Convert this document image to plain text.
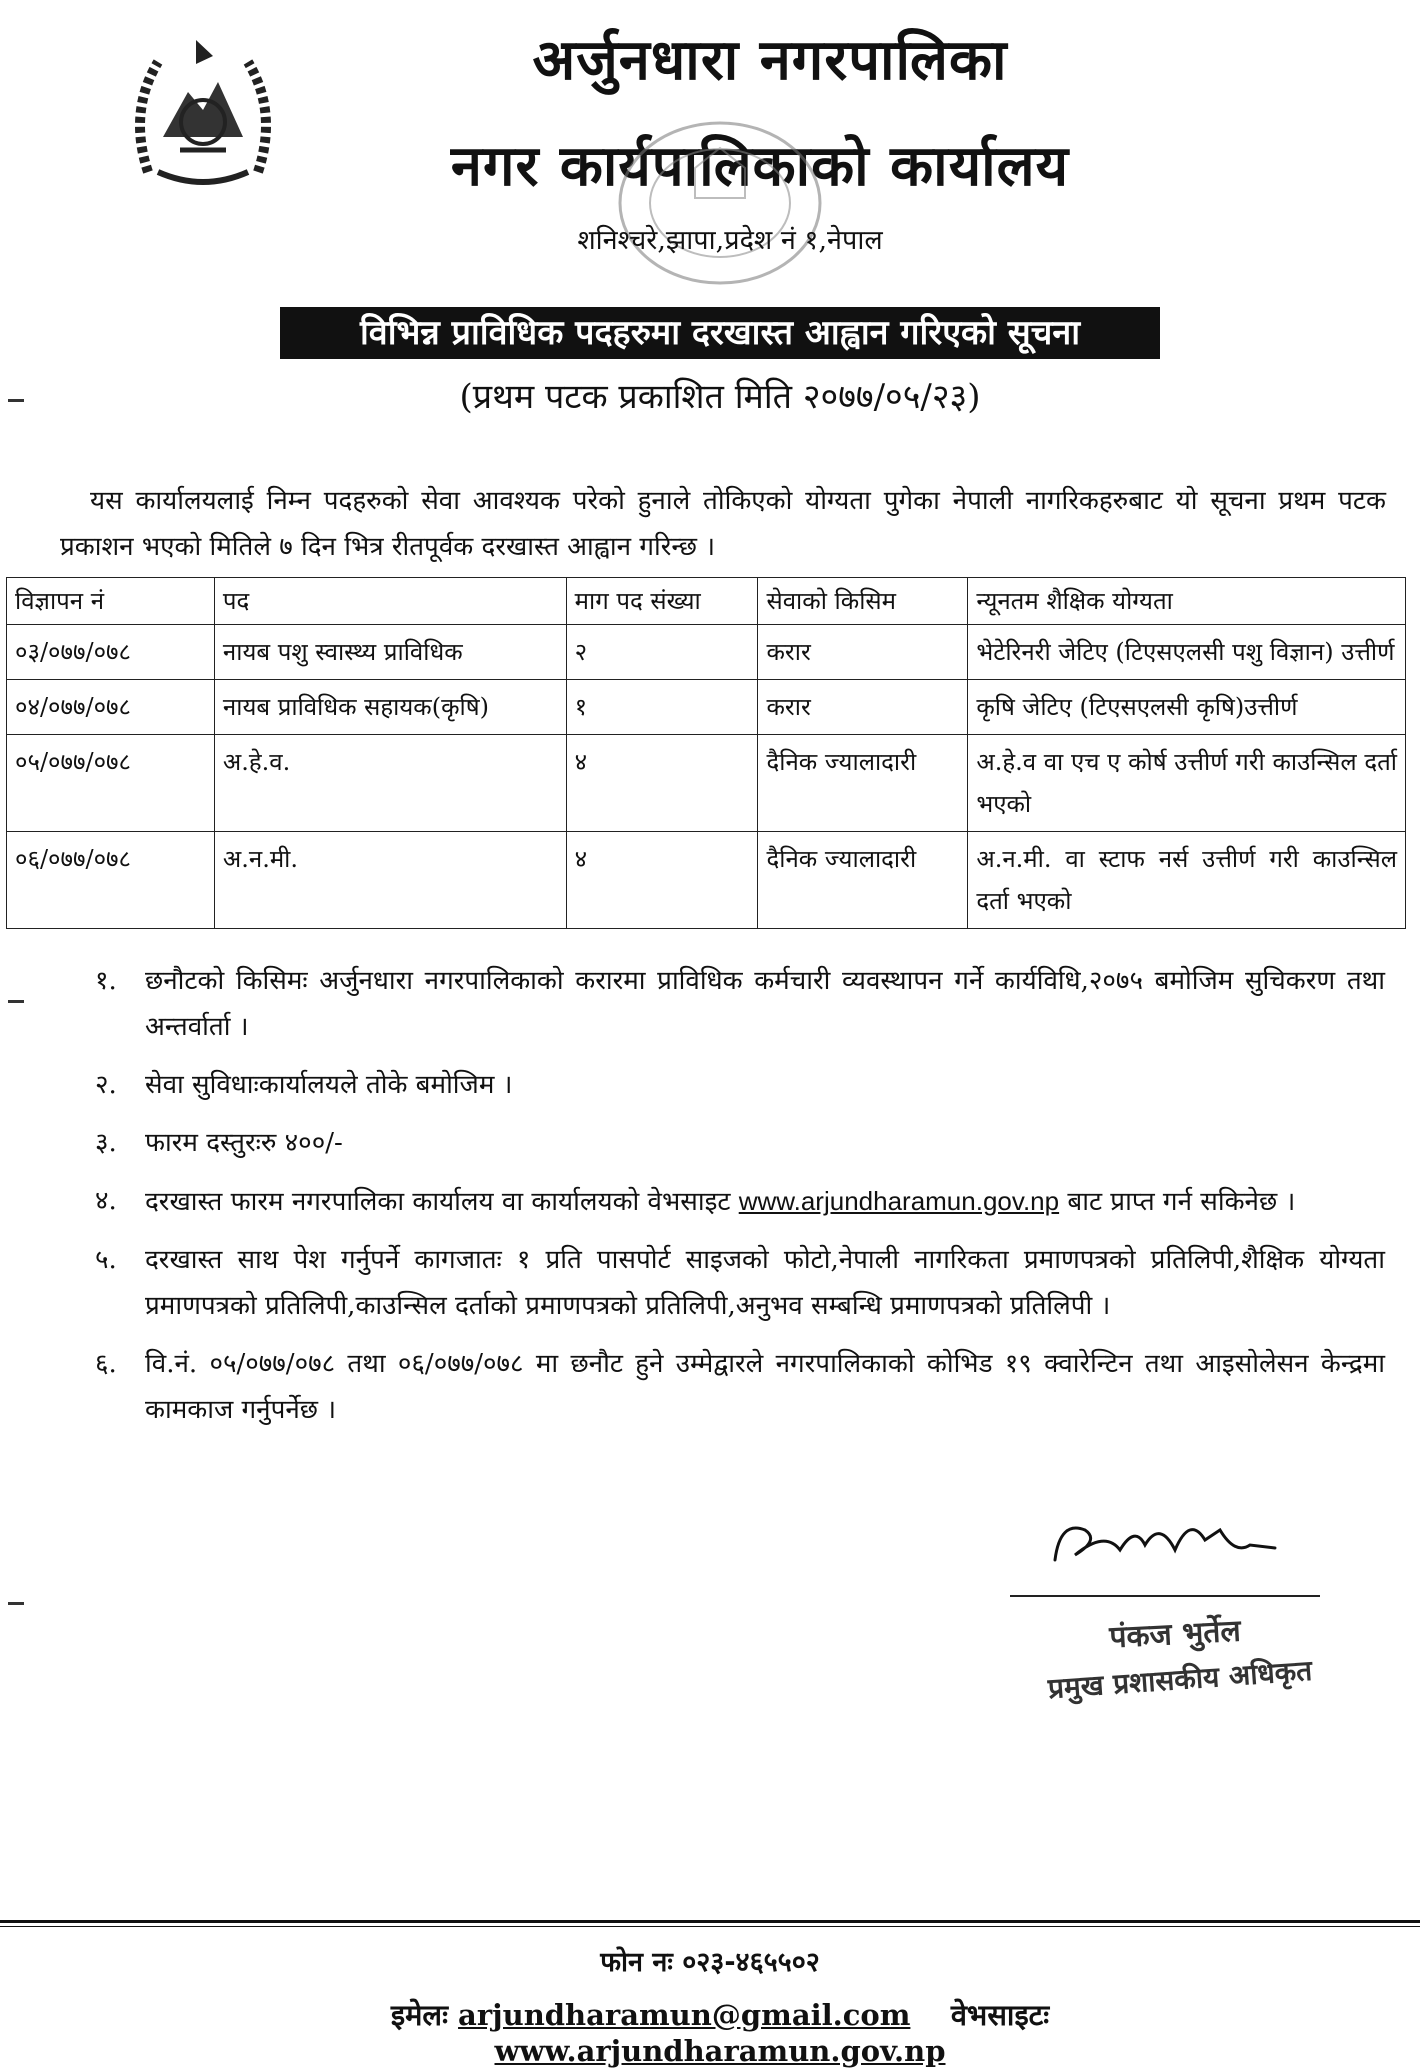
अर्जुनधारा नगरपालिका
नगर कार्यपालिकाको कार्यालय
शनिश्चरे,झापा,प्रदेश नं १,नेपाल
विभिन्न प्राविधिक पदहरुमा दरखास्त आह्वान गरिएको सूचना
(प्रथम पटक प्रकाशित मिति २०७७/०५/२३)
यस कार्यालयलाई निम्न पदहरुको सेवा आवश्यक परेको हुनाले तोकिएको योग्यता पुगेका नेपाली नागरिकहरुबाट यो सूचना प्रथम पटक प्रकाशन भएको मितिले ७ दिन भित्र रीतपूर्वक दरखास्त आह्वान गरिन्छ ।
विज्ञापन नं	पद	माग पद संख्या	सेवाको किसिम	न्यूनतम शैक्षिक योग्यता
०३/०७७/०७८	नायब पशु स्वास्थ्य प्राविधिक	२	करार	भेटेरिनरी जेटिए (टिएसएलसी पशु विज्ञान) उत्तीर्ण
०४/०७७/०७८	नायब प्राविधिक सहायक(कृषि)	१	करार	कृषि जेटिए (टिएसएलसी कृषि)उत्तीर्ण
०५/०७७/०७८	अ.हे.व.	४	दैनिक ज्यालादारी	अ.हे.व वा एच ए कोर्ष उत्तीर्ण गरी काउन्सिल दर्ता भएको
०६/०७७/०७८	अ.न.मी.	४	दैनिक ज्यालादारी	अ.न.मी. वा स्टाफ नर्स उत्तीर्ण गरी काउन्सिल दर्ता भएको
१.	छनौटको किसिमः अर्जुनधारा नगरपालिकाको करारमा प्राविधिक कर्मचारी व्यवस्थापन गर्ने कार्यविधि,२०७५ बमोजिम सुचिकरण तथा अन्तर्वार्ता ।
२.	सेवा सुविधाःकार्यालयले तोके बमोजिम ।
३.	फारम दस्तुरःरु ४००/-
४.	दरखास्त फारम नगरपालिका कार्यालय वा कार्यालयको वेभसाइट www.arjundharamun.gov.np बाट प्राप्त गर्न सकिनेछ ।
५.	दरखास्त साथ पेश गर्नुपर्ने कागजातः १ प्रति पासपोर्ट साइजको फोटो,नेपाली नागरिकता प्रमाणपत्रको प्रतिलिपी,शैक्षिक योग्यता प्रमाणपत्रको प्रतिलिपी,काउन्सिल दर्ताको प्रमाणपत्रको प्रतिलिपी,अनुभव सम्बन्धि प्रमाणपत्रको प्रतिलिपी ।
६.	वि.नं. ०५/०७७/०७८ तथा ०६/०७७/०७८ मा छनौट हुने उम्मेद्वारले नगरपालिकाको कोभिड १९ क्वारेन्टिन तथा आइसोलेसन केन्द्रमा कामकाज गर्नुपर्नेछ ।
पंकज भुर्तेल
प्रमुख प्रशासकीय अधिकृत
फोन नः ०२३-४६५५०२
इमेलः arjundharamun@gmail.com वेभसाइटः www.arjundharamun.gov.np
